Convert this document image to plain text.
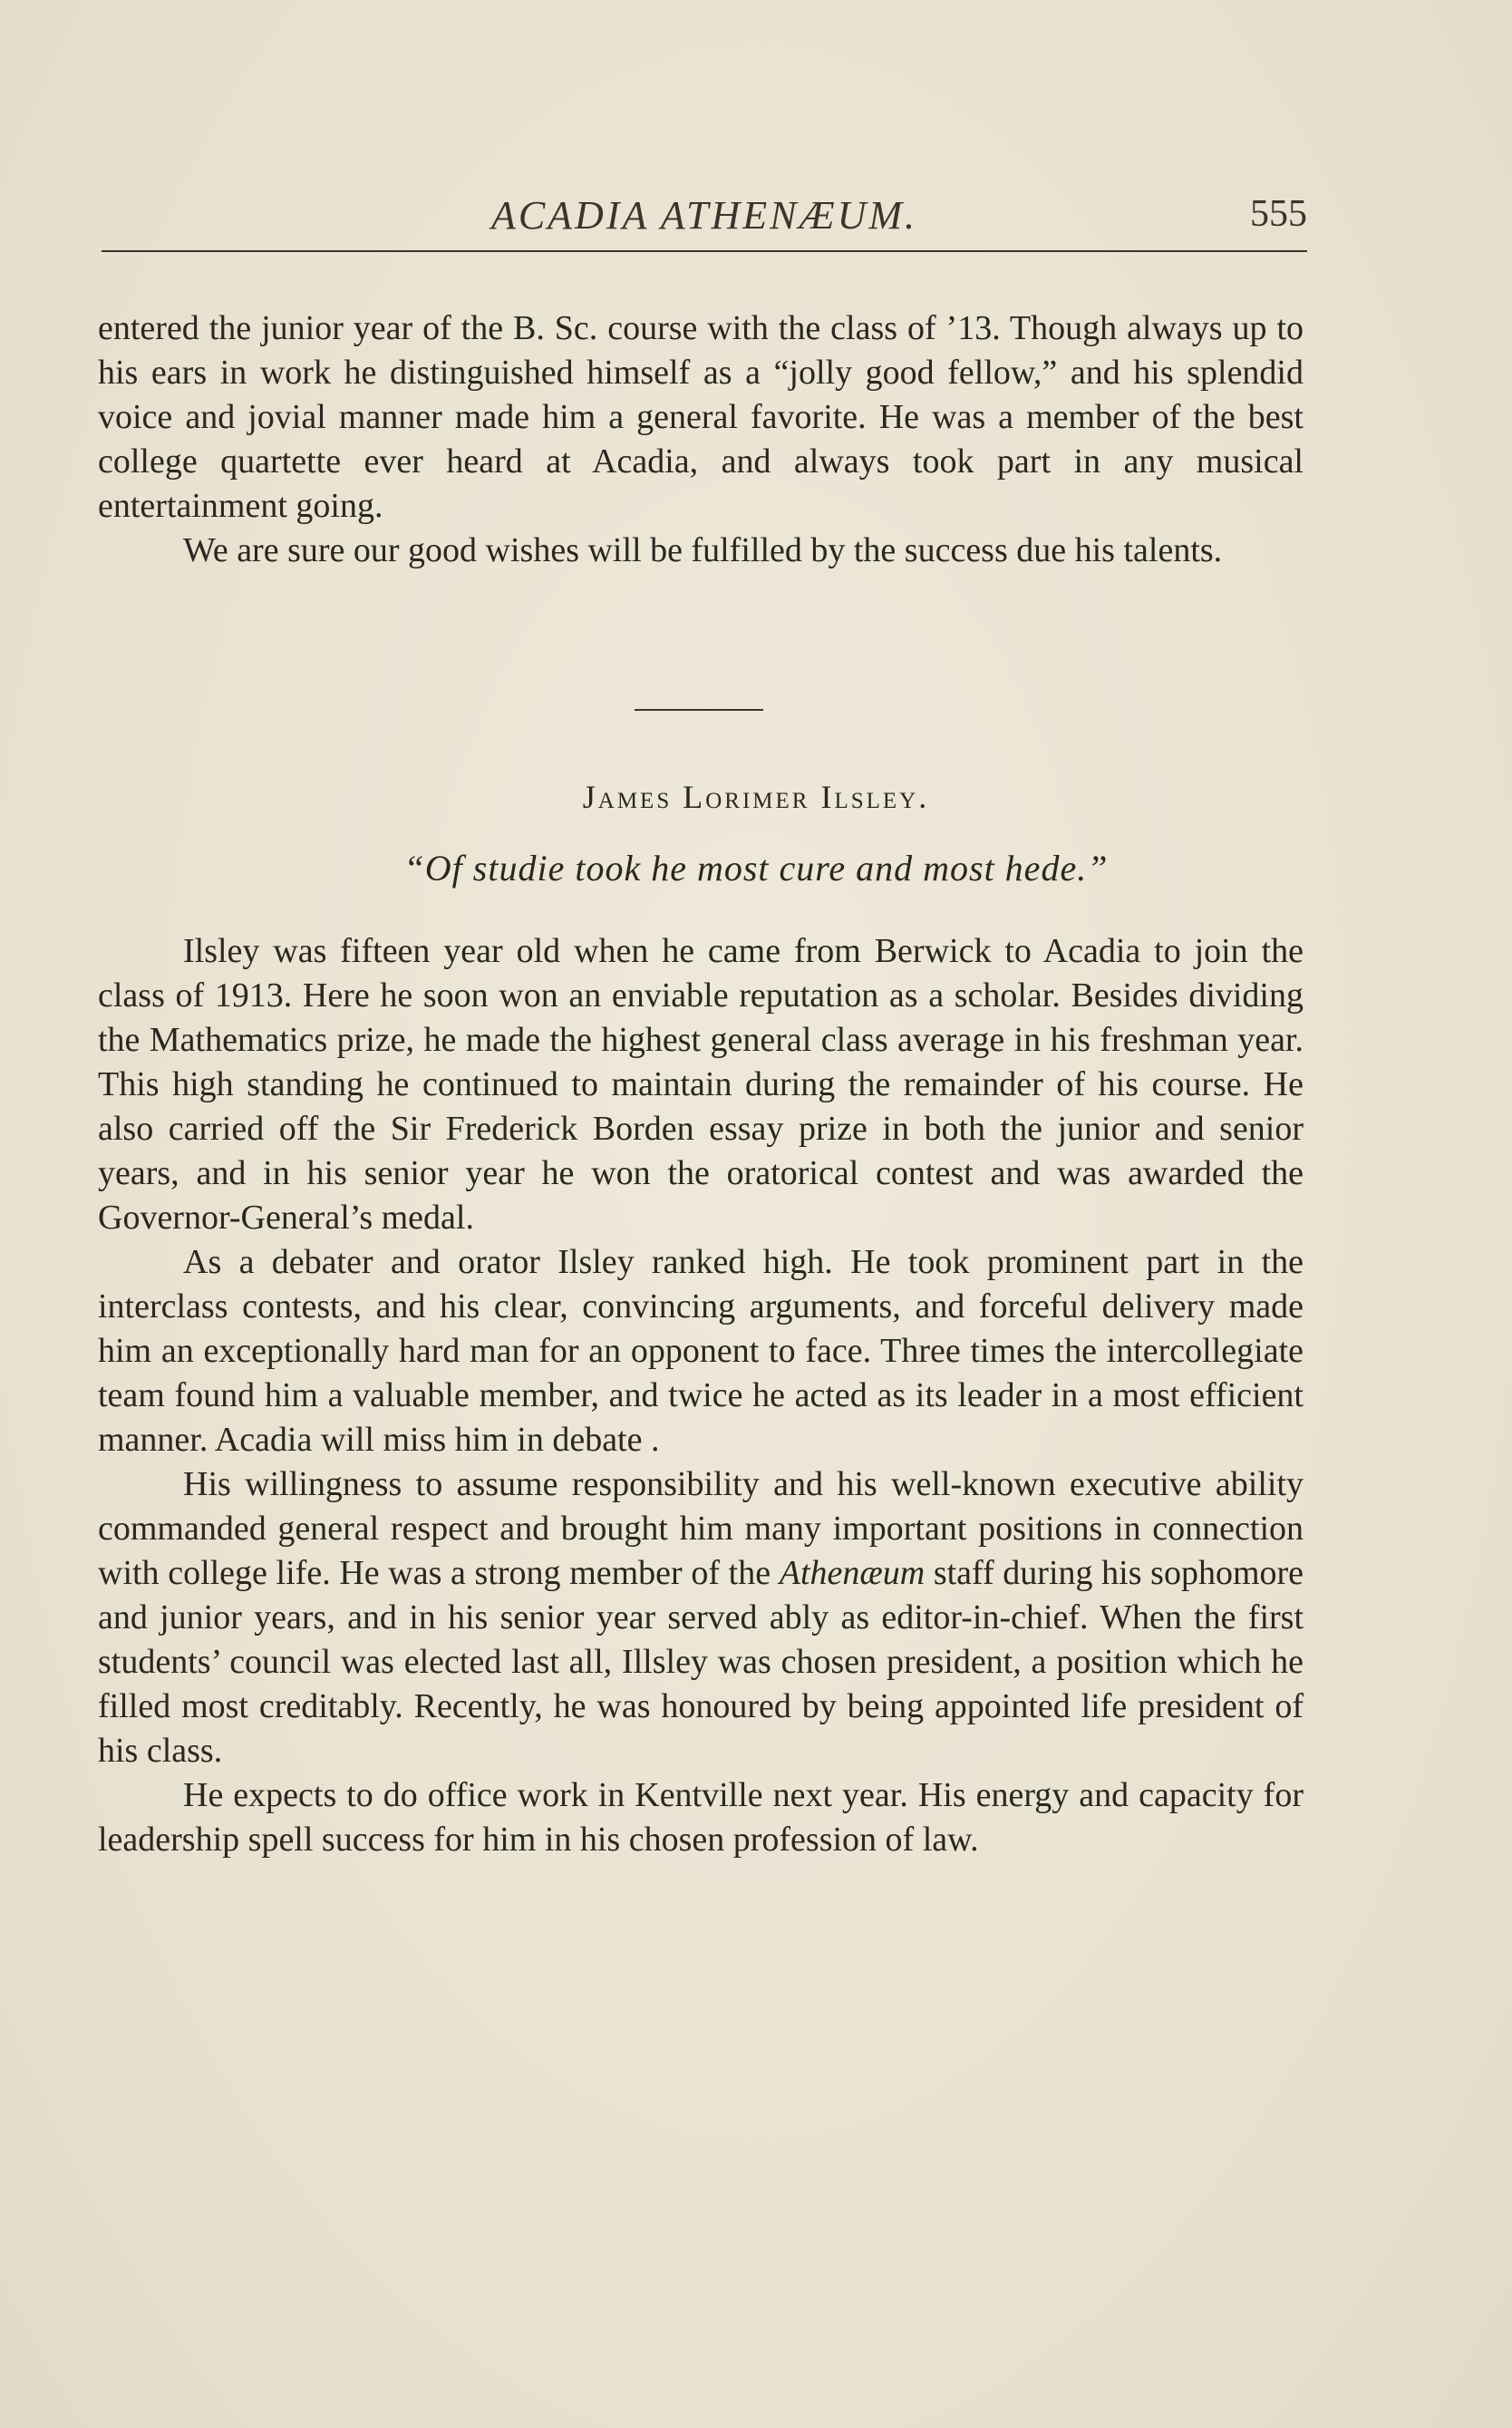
ACADIA ATHENÆUM.	555

entered the junior year of the B. Sc. course with the class of ’13. Though always up to his ears in work he distinguished himself as a “jolly good fellow,” and his splendid voice and jovial manner made him a general favorite. He was a member of the best college quartette ever heard at Acadia, and always took part in any musical entertainment going.

We are sure our good wishes will be fulfilled by the success due his talents.

James Lorimer Ilsley.
“Of studie took he most cure and most hede.”

Ilsley was fifteen year old when he came from Berwick to Acadia to join the class of 1913. Here he soon won an enviable reputation as a scholar. Besides dividing the Mathematics prize, he made the highest general class average in his freshman year. This high standing he continued to maintain during the remainder of his course. He also carried off the Sir Frederick Borden essay prize in both the junior and senior years, and in his senior year he won the oratorical contest and was awarded the Governor-General’s medal.

As a debater and orator Ilsley ranked high. He took prominent part in the interclass contests, and his clear, convincing arguments, and forceful delivery made him an exceptionally hard man for an opponent to face. Three times the intercollegiate team found him a valuable member, and twice he acted as its leader in a most efficient manner. Acadia will miss him in debate .

His willingness to assume responsibility and his well-known executive ability commanded general respect and brought him many important positions in connection with college life. He was a strong member of the Athenæum staff during his sophomore and junior years, and in his senior year served ably as editor-in-chief. When the first students’ council was elected last all, Illsley was chosen president, a position which he filled most creditably. Recently, he was honoured by being appointed life president of his class.

He expects to do office work in Kentville next year. His energy and capacity for leadership spell success for him in his chosen profession of law.
